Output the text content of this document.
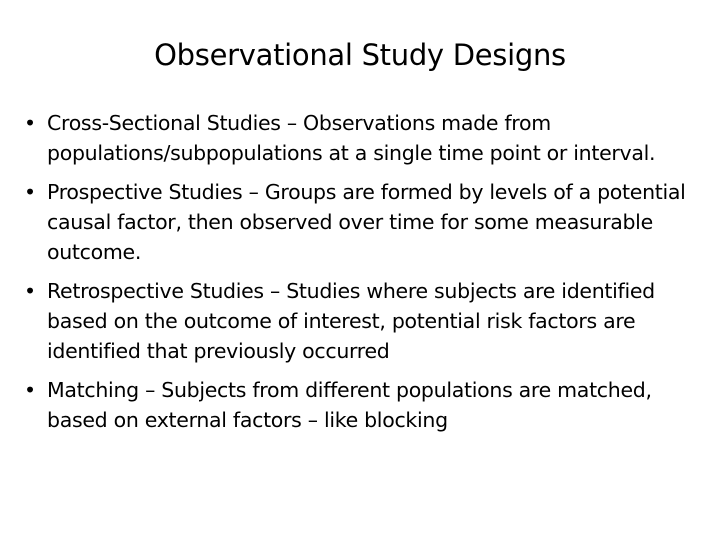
Observational Study Designs
• Cross-Sectional Studies – Observations made from populations/subpopulations at a single time point or interval.
• Prospective Studies – Groups are formed by levels of a potential causal factor, then observed over time for some measurable outcome.
• Retrospective Studies – Studies where subjects are identified based on the outcome of interest, potential risk factors are identified that previously occurred
• Matching – Subjects from different populations are matched, based on external factors – like blocking
